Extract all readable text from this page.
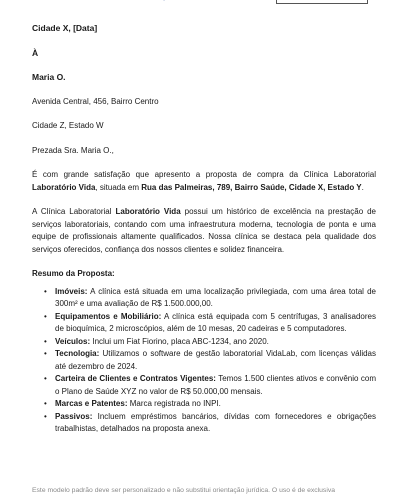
Cidade X, [Data]
À
Maria O.
Avenida Central, 456, Bairro Centro
Cidade Z, Estado W
Prezada Sra. Maria O.,

É com grande satisfação que apresento a proposta de compra da Clínica Laboratorial Laboratório Vida, situada em Rua das Palmeiras, 789, Bairro Saúde, Cidade X, Estado Y.

A Clínica Laboratorial Laboratório Vida possui um histórico de excelência na prestação de serviços laboratoriais, contando com uma infraestrutura moderna, tecnologia de ponta e uma equipe de profissionais altamente qualificados. Nossa clínica se destaca pela qualidade dos serviços oferecidos, confiança dos nossos clientes e solidez financeira.

Resumo da Proposta:
• Imóveis: A clínica está situada em uma localização privilegiada, com uma área total de 300m² e uma avaliação de R$ 1.500.000,00.
• Equipamentos e Mobiliário: A clínica está equipada com 5 centrífugas, 3 analisadores de bioquímica, 2 microscópios, além de 10 mesas, 20 cadeiras e 5 computadores.
• Veículos: Inclui um Fiat Fiorino, placa ABC-1234, ano 2020.
• Tecnologia: Utilizamos o software de gestão laboratorial VidaLab, com licenças válidas até dezembro de 2024.
• Carteira de Clientes e Contratos Vigentes: Temos 1.500 clientes ativos e convênio com o Plano de Saúde XYZ no valor de R$ 50.000,00 mensais.
• Marcas e Patentes: Marca registrada no INPI.
• Passivos: Incluem empréstimos bancários, dívidas com fornecedores e obrigações trabalhistas, detalhados na proposta anexa.
Este modelo padrão deve ser personalizado e não substitui orientação jurídica. O uso é de exclusiva
